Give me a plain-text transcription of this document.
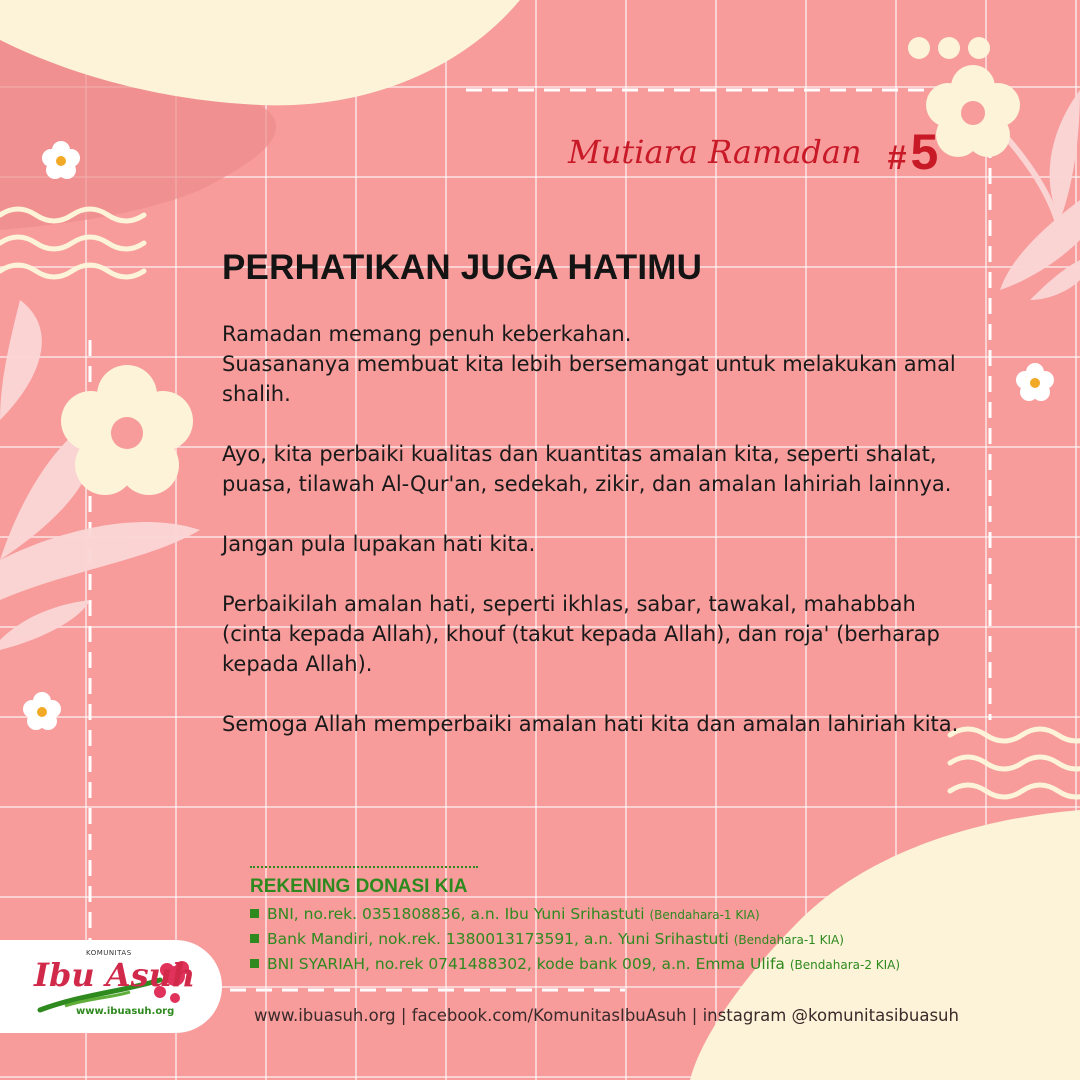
Mutiara Ramadan #5
PERHATIKAN JUGA HATIMU

Ramadan memang penuh keberkahan.
Suasananya membuat kita lebih bersemangat untuk melakukan amal shalih.

Ayo, kita perbaiki kualitas dan kuantitas amalan kita, seperti shalat, puasa, tilawah Al-Qur'an, sedekah, zikir, dan amalan lahiriah lainnya.

Jangan pula lupakan hati kita.

Perbaikilah amalan hati, seperti ikhlas, sabar, tawakal, mahabbah (cinta kepada Allah), khouf (takut kepada Allah), dan roja' (berharap kepada Allah).

Semoga Allah memperbaiki amalan hati kita dan amalan lahiriah kita.

REKENING DONASI KIA
BNI, no.rek. 0351808836, a.n. Ibu Yuni Srihastuti (Bendahara-1 KIA)
Bank Mandiri, nok.rek. 1380013173591, a.n. Yuni Srihastuti (Bendahara-1 KIA)
BNI SYARIAH, no.rek 0741488302, kode bank 009, a.n. Emma Ulifa (Bendahara-2 KIA)
KOMUNITAS
Ibu Asuh
www.ibuasuh.org	www.ibuasuh.org | facebook.com/KomunitasIbuAsuh | instagram @komunitasibuasuh
